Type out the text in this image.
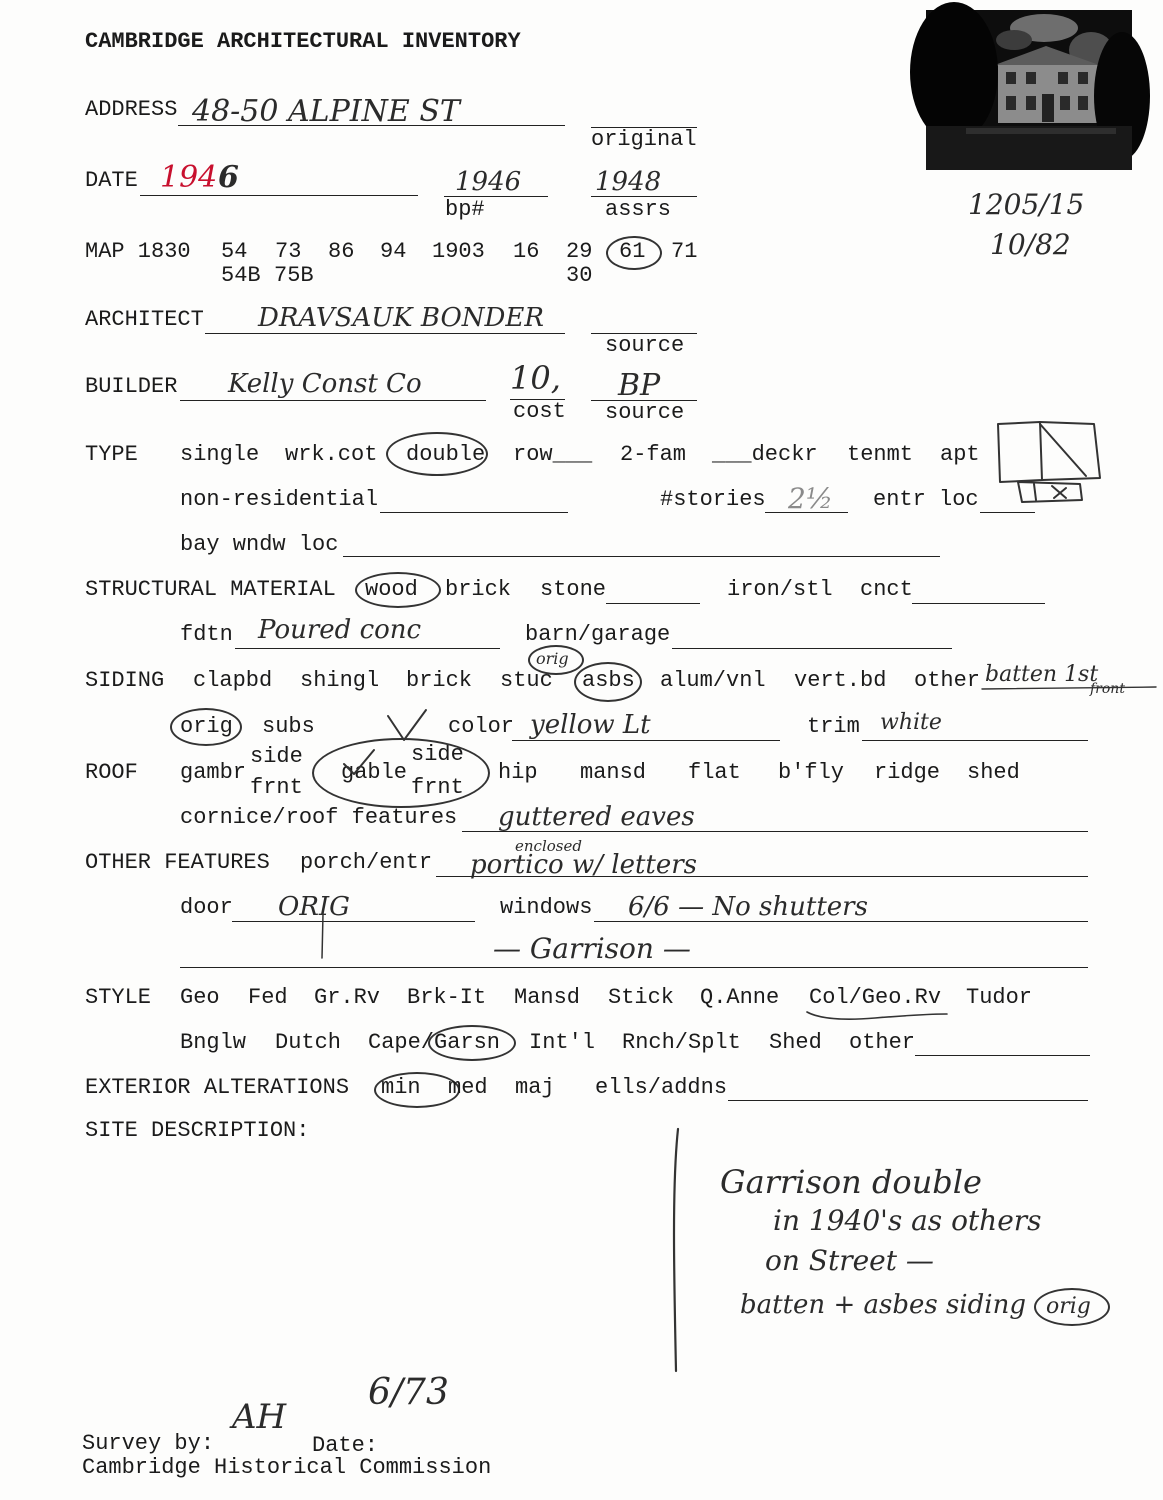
CAMBRIDGE ARCHITECTURAL INVENTORY
1205/15
10/82
ADDRESS 48-50 ALPINE ST
original
DATE 194 6	1946
bp#
1948
assrs
MAP 1830 54 73 86 94 1903 16 29 61 71
54B 75B	30
ARCHITECT DRAVSAUK BONDER
source
BUILDER Kelly Const Co	10,
cost
BP
source
TYPE single wrk.cot double row___ 2-fam ___deckr tenmt apt
non-residential	#stories 2½ entr loc
bay wndw loc
STRUCTURAL MATERIAL wood brick stone	iron/stl cnct
fdtn Poured conc	barn/garage
SIDING clapbd shingl brick stuc
orig
asbs alum/vnl vert.bd other batten 1st
front
orig subs	color yellow Lt	trim white
ROOF gambr
side
frnt
gable
side
frnt
hip mansd flat b'fly ridge shed
cornice/roof features guttered eaves
OTHER FEATURES porch/entr
enclosed
portico w/ letters
door ORIG	windows 6/6 — No shutters
— Garrison —
STYLE Geo Fed Gr.Rv Brk-It Mansd Stick Q.Anne Col/Geo.Rv Tudor
Bnglw Dutch Cape/ Garsn Int'l Rnch/Splt Shed other
EXTERIOR ALTERATIONS min med maj ells/addns
SITE DESCRIPTION:
Garrison double
in 1940's as others
on Street —
batten + asbes siding orig
AH
6/73
Survey by:	Date:
Cambridge Historical Commission
